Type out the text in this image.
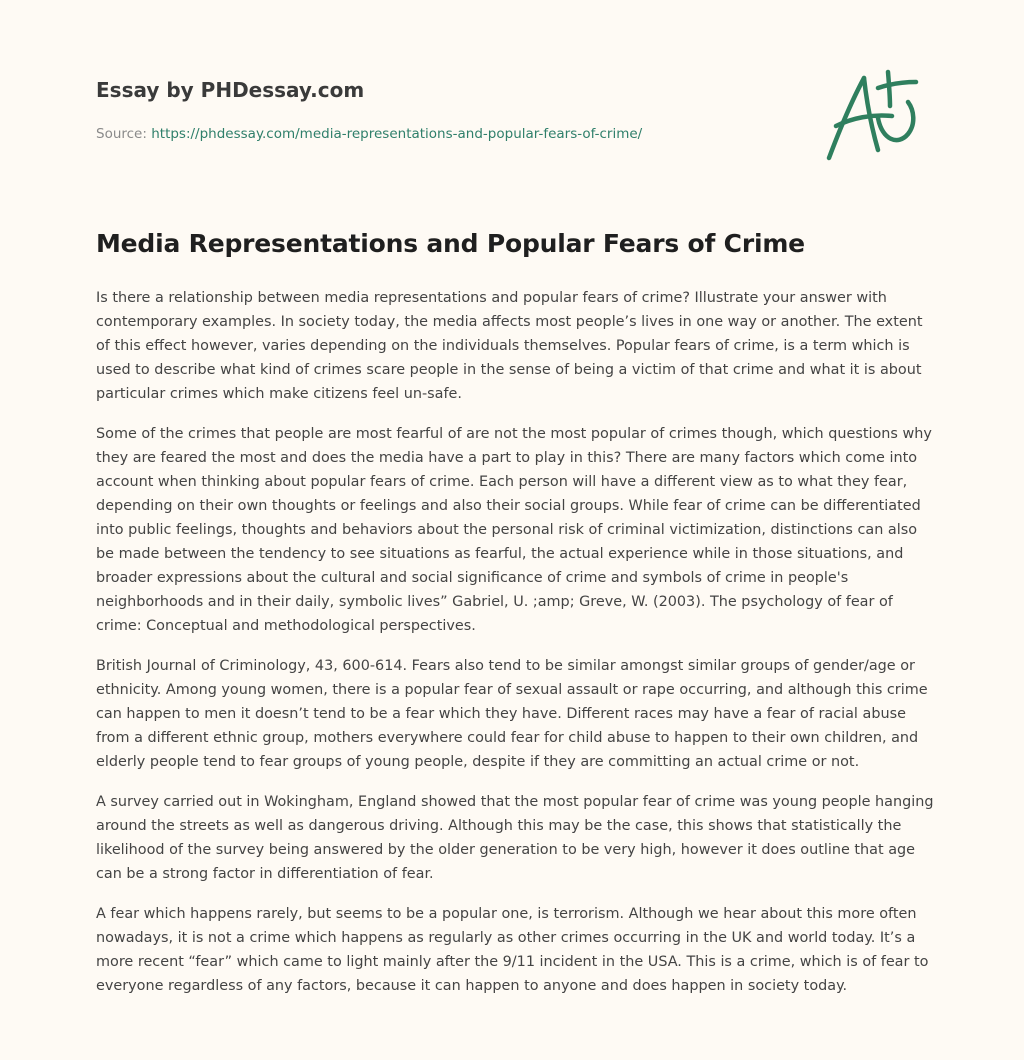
Essay by PHDessay.com
Source: https://phdessay.com/media-representations-and-popular-fears-of-crime/
Media Representations and Popular Fears of Crime

Is there a relationship between media representations and popular fears of crime? Illustrate your answer with contemporary examples. In society today, the media affects most people’s lives in one way or another. The extent of this effect however, varies depending on the individuals themselves. Popular fears of crime, is a term which is used to describe what kind of crimes scare people in the sense of being a victim of that crime and what it is about particular crimes which make citizens feel un-safe.

Some of the crimes that people are most fearful of are not the most popular of crimes though, which questions why they are feared the most and does the media have a part to play in this? There are many factors which come into account when thinking about popular fears of crime. Each person will have a different view as to what they fear, depending on their own thoughts or feelings and also their social groups. While fear of crime can be differentiated into public feelings, thoughts and behaviors about the personal risk of criminal victimization, distinctions can also be made between the tendency to see situations as fearful, the actual experience while in those situations, and broader expressions about the cultural and social significance of crime and symbols of crime in people's neighborhoods and in their daily, symbolic lives” Gabriel, U. ;amp; Greve, W. (2003). The psychology of fear of crime: Conceptual and methodological perspectives.

British Journal of Criminology, 43, 600-614. Fears also tend to be similar amongst similar groups of gender/age or ethnicity. Among young women, there is a popular fear of sexual assault or rape occurring, and although this crime can happen to men it doesn’t tend to be a fear which they have. Different races may have a fear of racial abuse from a different ethnic group, mothers everywhere could fear for child abuse to happen to their own children, and elderly people tend to fear groups of young people, despite if they are committing an actual crime or not.

A survey carried out in Wokingham, England showed that the most popular fear of crime was young people hanging around the streets as well as dangerous driving. Although this may be the case, this shows that statistically the likelihood of the survey being answered by the older generation to be very high, however it does outline that age can be a strong factor in differentiation of fear.

A fear which happens rarely, but seems to be a popular one, is terrorism. Although we hear about this more often nowadays, it is not a crime which happens as regularly as other crimes occurring in the UK and world today. It’s a more recent “fear” which came to light mainly after the 9/11 incident in the USA. This is a crime, which is of fear to everyone regardless of any factors, because it can happen to anyone and does happen in society today.
